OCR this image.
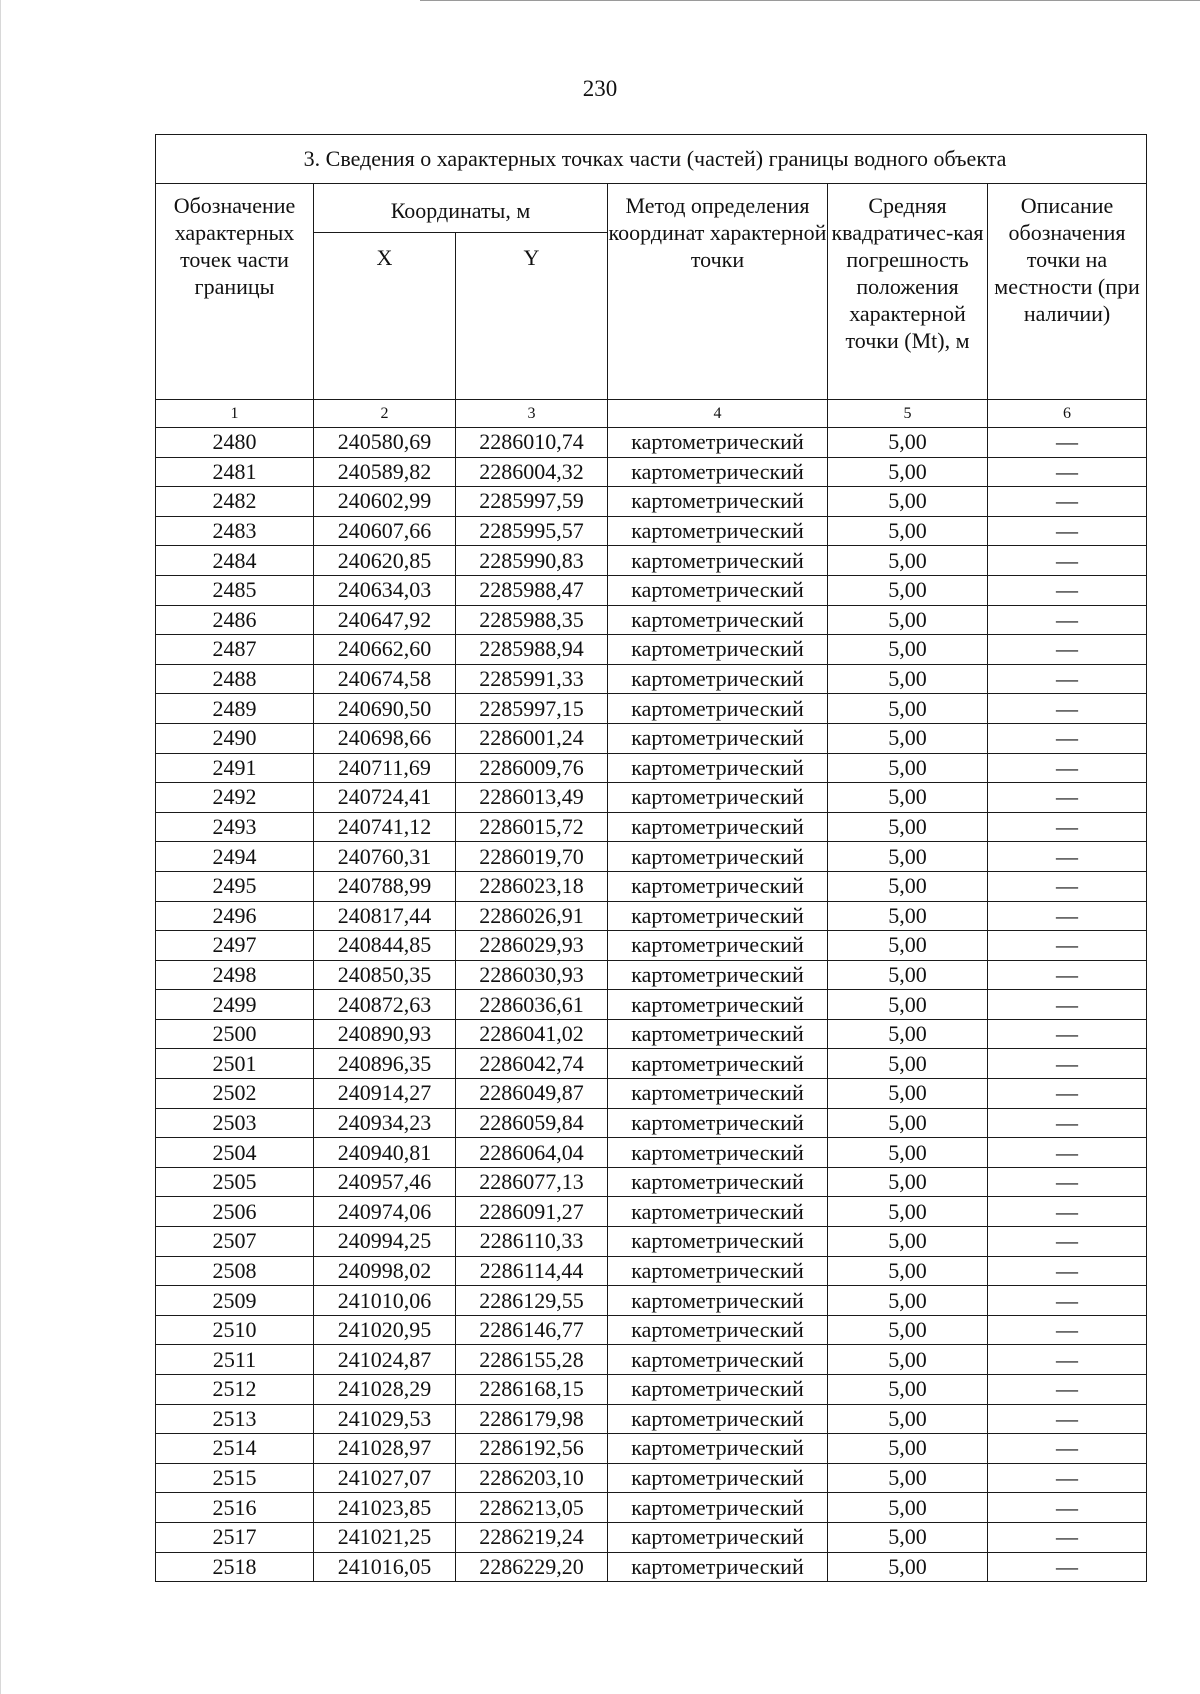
230
3. Сведения о характерных точках части (частей) границы водного объекта					
Обозначение характерных точек части границы	Координаты, м		Метод определения координат характерной точки	Средняя квадратичес-кая погрешность положения характерной точки (Mt), м	Описание обозначения точки на местности (при наличии)
	X	Y			
1	2	3	4	5	6
2480	240580,69	2286010,74	картометрический	5,00	—
2481	240589,82	2286004,32	картометрический	5,00	—
2482	240602,99	2285997,59	картометрический	5,00	—
2483	240607,66	2285995,57	картометрический	5,00	—
2484	240620,85	2285990,83	картометрический	5,00	—
2485	240634,03	2285988,47	картометрический	5,00	—
2486	240647,92	2285988,35	картометрический	5,00	—
2487	240662,60	2285988,94	картометрический	5,00	—
2488	240674,58	2285991,33	картометрический	5,00	—
2489	240690,50	2285997,15	картометрический	5,00	—
2490	240698,66	2286001,24	картометрический	5,00	—
2491	240711,69	2286009,76	картометрический	5,00	—
2492	240724,41	2286013,49	картометрический	5,00	—
2493	240741,12	2286015,72	картометрический	5,00	—
2494	240760,31	2286019,70	картометрический	5,00	—
2495	240788,99	2286023,18	картометрический	5,00	—
2496	240817,44	2286026,91	картометрический	5,00	—
2497	240844,85	2286029,93	картометрический	5,00	—
2498	240850,35	2286030,93	картометрический	5,00	—
2499	240872,63	2286036,61	картометрический	5,00	—
2500	240890,93	2286041,02	картометрический	5,00	—
2501	240896,35	2286042,74	картометрический	5,00	—
2502	240914,27	2286049,87	картометрический	5,00	—
2503	240934,23	2286059,84	картометрический	5,00	—
2504	240940,81	2286064,04	картометрический	5,00	—
2505	240957,46	2286077,13	картометрический	5,00	—
2506	240974,06	2286091,27	картометрический	5,00	—
2507	240994,25	2286110,33	картометрический	5,00	—
2508	240998,02	2286114,44	картометрический	5,00	—
2509	241010,06	2286129,55	картометрический	5,00	—
2510	241020,95	2286146,77	картометрический	5,00	—
2511	241024,87	2286155,28	картометрический	5,00	—
2512	241028,29	2286168,15	картометрический	5,00	—
2513	241029,53	2286179,98	картометрический	5,00	—
2514	241028,97	2286192,56	картометрический	5,00	—
2515	241027,07	2286203,10	картометрический	5,00	—
2516	241023,85	2286213,05	картометрический	5,00	—
2517	241021,25	2286219,24	картометрический	5,00	—
2518	241016,05	2286229,20	картометрический	5,00	—
